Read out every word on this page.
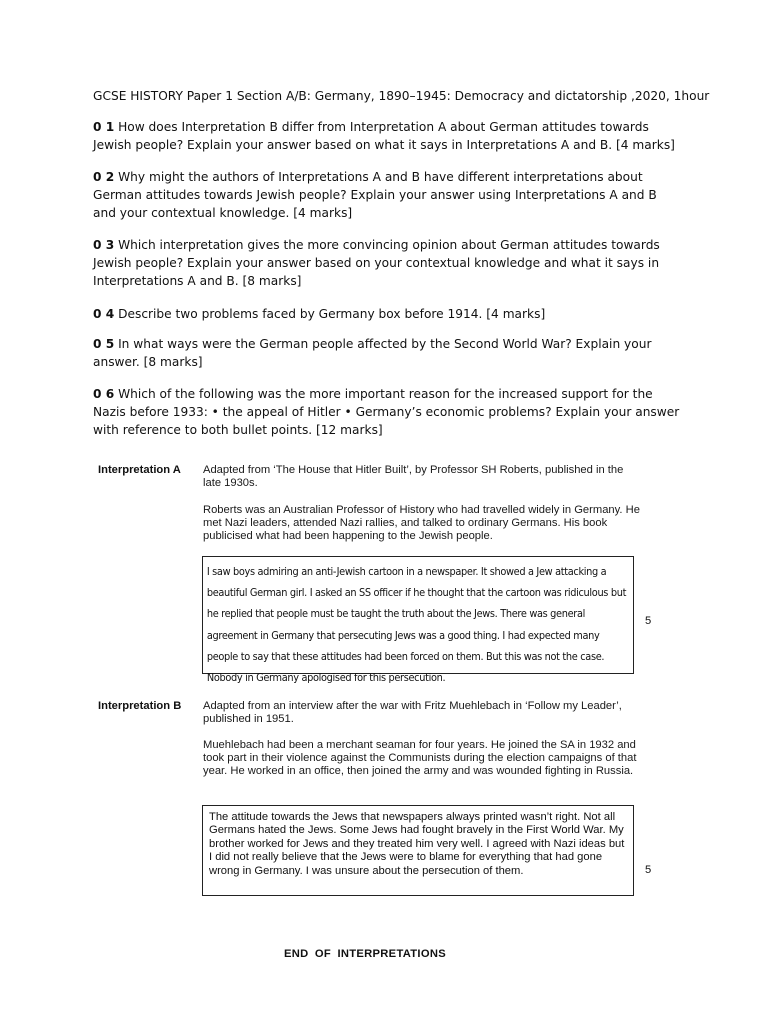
GCSE HISTORY Paper 1 Section A/B: Germany, 1890–1945: Democracy and dictatorship ,2020, 1hour
0 1 How does Interpretation B differ from Interpretation A about German attitudes towards Jewish people? Explain your answer based on what it says in Interpretations A and B. [4 marks]
0 2 Why might the authors of Interpretations A and B have different interpretations about German attitudes towards Jewish people? Explain your answer using Interpretations A and B and your contextual knowledge. [4 marks]
0 3 Which interpretation gives the more convincing opinion about German attitudes towards Jewish people? Explain your answer based on your contextual knowledge and what it says in Interpretations A and B. [8 marks]
0 4 Describe two problems faced by Germany box before 1914. [4 marks]
0 5 In what ways were the German people affected by the Second World War? Explain your answer. [8 marks]
0 6 Which of the following was the more important reason for the increased support for the Nazis before 1933: • the appeal of Hitler • Germany’s economic problems? Explain your answer with reference to both bullet points. [12 marks]
Interpretation A Adapted from ‘The House that Hitler Built’, by Professor SH Roberts, published in the late 1930s.
Roberts was an Australian Professor of History who had travelled widely in Germany. He met Nazi leaders, attended Nazi rallies, and talked to ordinary Germans. His book publicised what had been happening to the Jewish people.
I saw boys admiring an anti-Jewish cartoon in a newspaper. It showed a Jew attacking a beautiful German girl. I asked an SS officer if he thought that the cartoon was ridiculous but he replied that people must be taught the truth about the Jews. There was general agreement in Germany that persecuting Jews was a good thing. I had expected many people to say that these attitudes had been forced on them. But this was not the case. Nobody in Germany apologised for this persecution.
5
Interpretation B Adapted from an interview after the war with Fritz Muehlebach in ‘Follow my Leader’, published in 1951.
Muehlebach had been a merchant seaman for four years. He joined the SA in 1932 and took part in their violence against the Communists during the election campaigns of that year. He worked in an office, then joined the army and was wounded fighting in Russia.
The attitude towards the Jews that newspapers always printed wasn’t right. Not all Germans hated the Jews. Some Jews had fought bravely in the First World War. My brother worked for Jews and they treated him very well. I agreed with Nazi ideas but I did not really believe that the Jews were to blame for everything that had gone wrong in Germany. I was unsure about the persecution of them.	5
END OF INTERPRETATIONS
